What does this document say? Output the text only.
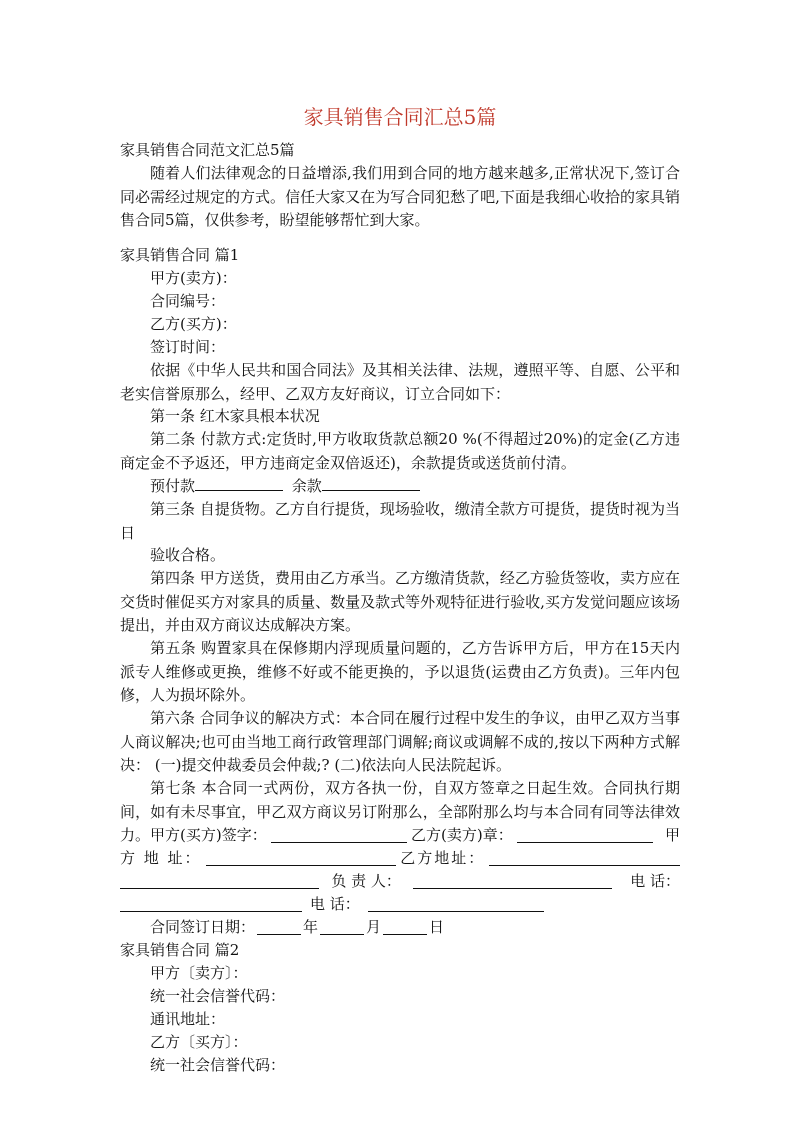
家具销售合同汇总5篇
家具销售合同范文汇总5篇
随着人们法律观念的日益增添,我们用到合同的地方越来越多,正常状况下,签订合同必需经过规定的方式。信任大家又在为写合同犯愁了吧,下面是我细心收拾的家具销售合同5篇，仅供参考，盼望能够帮忙到大家。
家具销售合同 篇1
甲方(卖方)：
合同编号：
乙方(买方)：
签订时间：
依据《中华人民共和国合同法》及其相关法律、法规，遵照平等、自愿、公平和老实信誉原那么，经甲、乙双方友好商议，订立合同如下：
第一条 红木家具根本状况
第二条 付款方式:定货时,甲方收取货款总额20 %(不得超过20%)的定金(乙方违商定金不予返还，甲方违商定金双倍返还)，余款提货或送货前付清。
预付款	余款
第三条 自提货物。乙方自行提货，现场验收，缴清全款方可提货，提货时视为当日
验收合格。
第四条 甲方送货，费用由乙方承当。乙方缴清货款，经乙方验货签收，卖方应在交货时催促买方对家具的质量、数量及款式等外观特征进行验收,买方发觉问题应该场提出，并由双方商议达成解决方案。
第五条 购置家具在保修期内浮现质量问题的，乙方告诉甲方后，甲方在15天内派专人维修或更换，维修不好或不能更换的，予以退货(运费由乙方负责)。三年内包修，人为损坏除外。
第六条 合同争议的解决方式：本合同在履行过程中发生的争议，由甲乙双方当事人商议解决;也可由当地工商行政管理部门调解;商议或调解不成的,按以下两种方式解决： (一)提交仲裁委员会仲裁;? (二)依法向人民法院起诉。
第七条 本合同一式两份，双方各执一份，自双方签章之日起生效。合同执行期间，如有未尽事宜，甲乙双方商议另订附那么，全部附那么均与本合同有同等法律效力。 甲方(买方)签字：	乙方(卖方)章：	甲
方 地 址：	乙方地址：
负 责 人：	电 话：
电 话：
合同签订日期：	年	月	日
家具销售合同 篇2
甲方〔卖方〕：
统一社会信誉代码：
通讯地址：
乙方〔买方〕：
统一社会信誉代码：
